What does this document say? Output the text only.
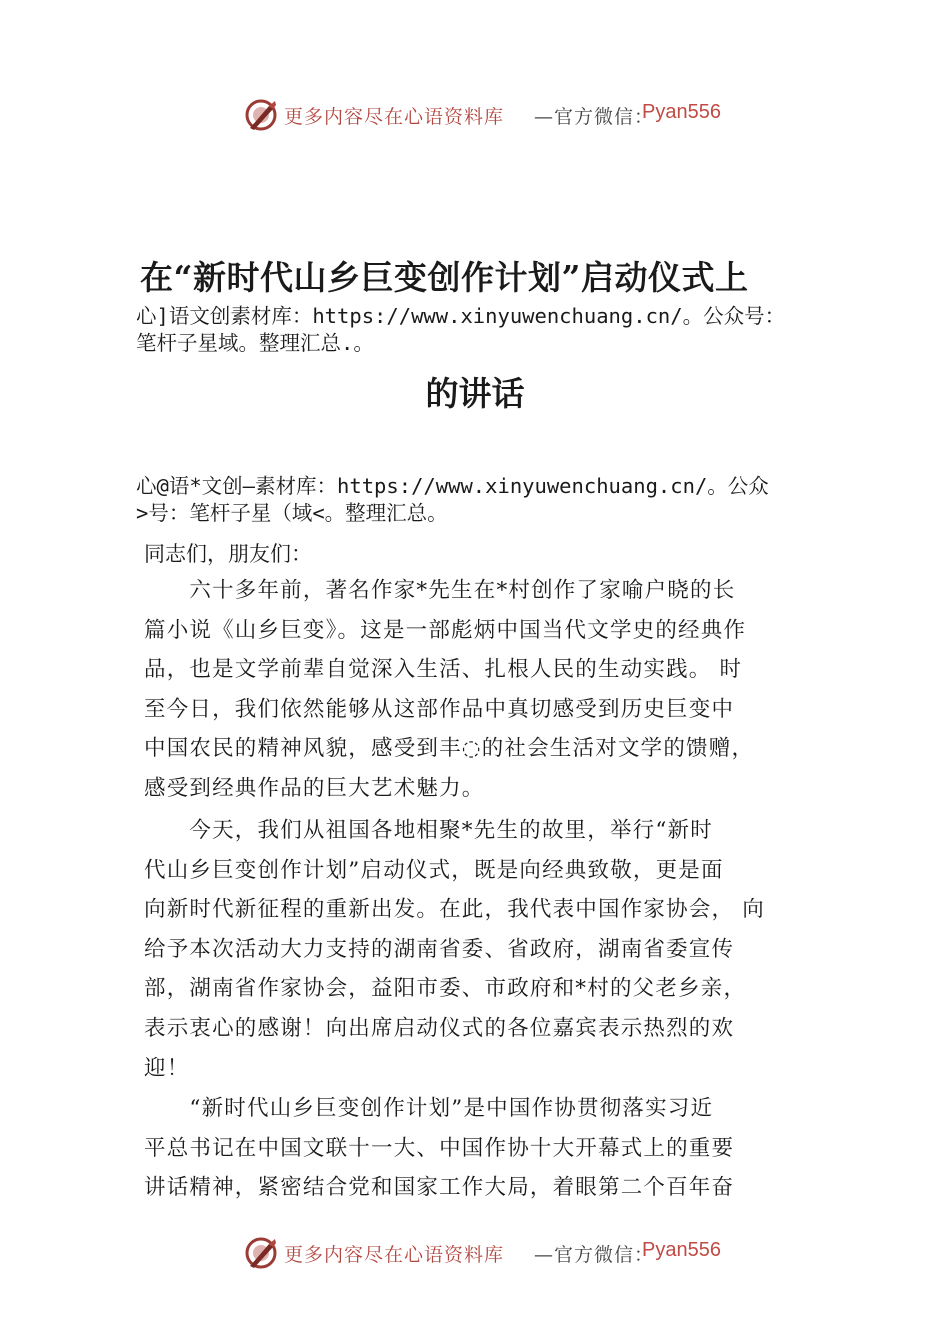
更多内容尽在心语资料库 —官方微信：
Pyan556
在“新时代山乡巨变创作计划”启动仪式上
心]语文创素材库：https://www.xinyuwenchuang.cn/。公众号：
笔杆子星域。整理汇总.。
的讲话
心@语*文创—素材库：https://www.xinyuwenchuang.cn/。公众
>号：笔杆子星（域<。整理汇总。
同志们，朋友们：
　　六十多年前，著名作家*先生在*村创作了家喻户晓的长
篇小说《山乡巨变》。这是一部彪炳中国当代文学史的经典作
品，也是文学前辈自觉深入生活、扎根人民的生动实践。 时
至今日，我们依然能够从这部作品中真切感受到历史巨变中
中国农民的精神风貌，感受到丰◌的社会生活对文学的馈赠，
感受到经典作品的巨大艺术魅力。
　　今天，我们从祖国各地相聚*先生的故里，举行“新时
代山乡巨变创作计划”启动仪式，既是向经典致敬，更是面
向新时代新征程的重新出发。在此，我代表中国作家协会， 向
给予本次活动大力支持的湖南省委、省政府，湖南省委宣传
部，湖南省作家协会，益阳市委、市政府和*村的父老乡亲，
表示衷心的感谢！向出席启动仪式的各位嘉宾表示热烈的欢
迎！
　　“新时代山乡巨变创作计划”是中国作协贯彻落实习近
平总书记在中国文联十一大、中国作协十大开幕式上的重要
讲话精神，紧密结合党和国家工作大局，着眼第二个百年奋
更多内容尽在心语资料库 —官方微信：
Pyan556
